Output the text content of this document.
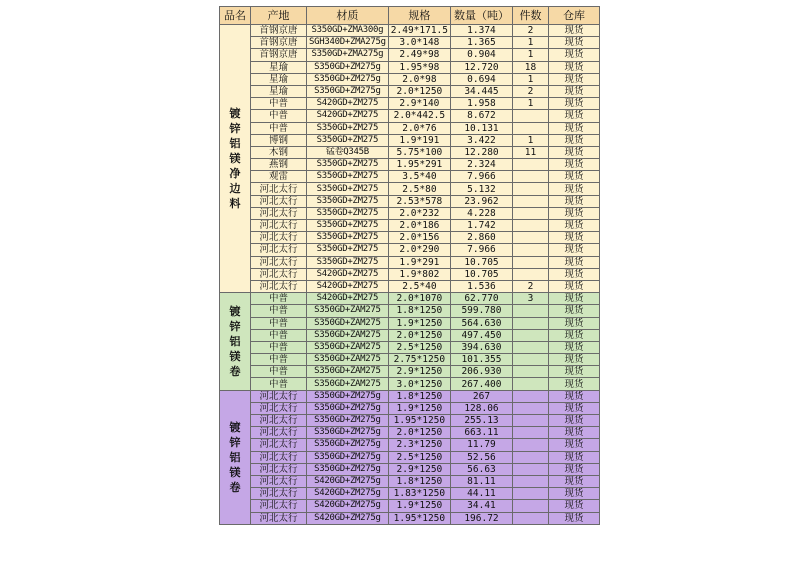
品名	产地	材质	规格	数量（吨）	件数	仓库
镀锌铝镁净边料	首钢京唐	S350GD+ZMA300g	2.49*171.5	1.374	2	现货
	首钢京唐	SGH340D+ZMA275g	3.0*148	1.365	1	现货
	首钢京唐	S350GD+ZMA275g	2.49*98	0.904	1	现货
	星瑜	S350GD+ZM275g	1.95*98	12.720	18	现货
	星瑜	S350GD+ZM275g	2.0*98	0.694	1	现货
	星瑜	S350GD+ZM275g	2.0*1250	34.445	2	现货
	中普	S420GD+ZM275	2.9*140	1.958	1	现货
	中普	S420GD+ZM275	2.0*442.5	8.672		现货
	中普	S350GD+ZM275	2.0*76	10.131		现货
	博钢	S350GD+ZM275	1.9*191	3.422	1	现货
	木钢	锰卷Q345B	5.75*100	12.280	11	现货
	燕钢	S350GD+ZM275	1.95*291	2.324		现货
	观雷	S350GD+ZM275	3.5*40	7.966		现货
	河北太行	S350GD+ZM275	2.5*80	5.132		现货
	河北太行	S350GD+ZM275	2.53*578	23.962		现货
	河北太行	S350GD+ZM275	2.0*232	4.228		现货
	河北太行	S350GD+ZM275	2.0*186	1.742		现货
	河北太行	S350GD+ZM275	2.0*156	2.860		现货
	河北太行	S350GD+ZM275	2.0*290	7.966		现货
	河北太行	S350GD+ZM275	1.9*291	10.705		现货
	河北太行	S420GD+ZM275	1.9*802	10.705		现货
	河北太行	S420GD+ZM275	2.5*40	1.536	2	现货
镀锌铝镁卷	中普	S420GD+ZM275	2.0*1070	62.770	3	现货
	中普	S350GD+ZAM275	1.8*1250	599.780		现货
	中普	S350GD+ZAM275	1.9*1250	564.630		现货
	中普	S350GD+ZAM275	2.0*1250	497.450		现货
	中普	S350GD+ZAM275	2.5*1250	394.630		现货
	中普	S350GD+ZAM275	2.75*1250	101.355		现货
	中普	S350GD+ZAM275	2.9*1250	206.930		现货
	中普	S350GD+ZAM275	3.0*1250	267.400		现货
镀锌铝镁卷	河北太行	S350GD+ZM275g	1.8*1250	267		现货
	河北太行	S350GD+ZM275g	1.9*1250	128.06		现货
	河北太行	S350GD+ZM275g	1.95*1250	255.13		现货
	河北太行	S350GD+ZM275g	2.0*1250	663.11		现货
	河北太行	S350GD+ZM275g	2.3*1250	11.79		现货
	河北太行	S350GD+ZM275g	2.5*1250	52.56		现货
	河北太行	S350GD+ZM275g	2.9*1250	56.63		现货
	河北太行	S420GD+ZM275g	1.8*1250	81.11		现货
	河北太行	S420GD+ZM275g	1.83*1250	44.11		现货
	河北太行	S420GD+ZM275g	1.9*1250	34.41		现货
	河北太行	S420GD+ZM275g	1.95*1250	196.72		现货
